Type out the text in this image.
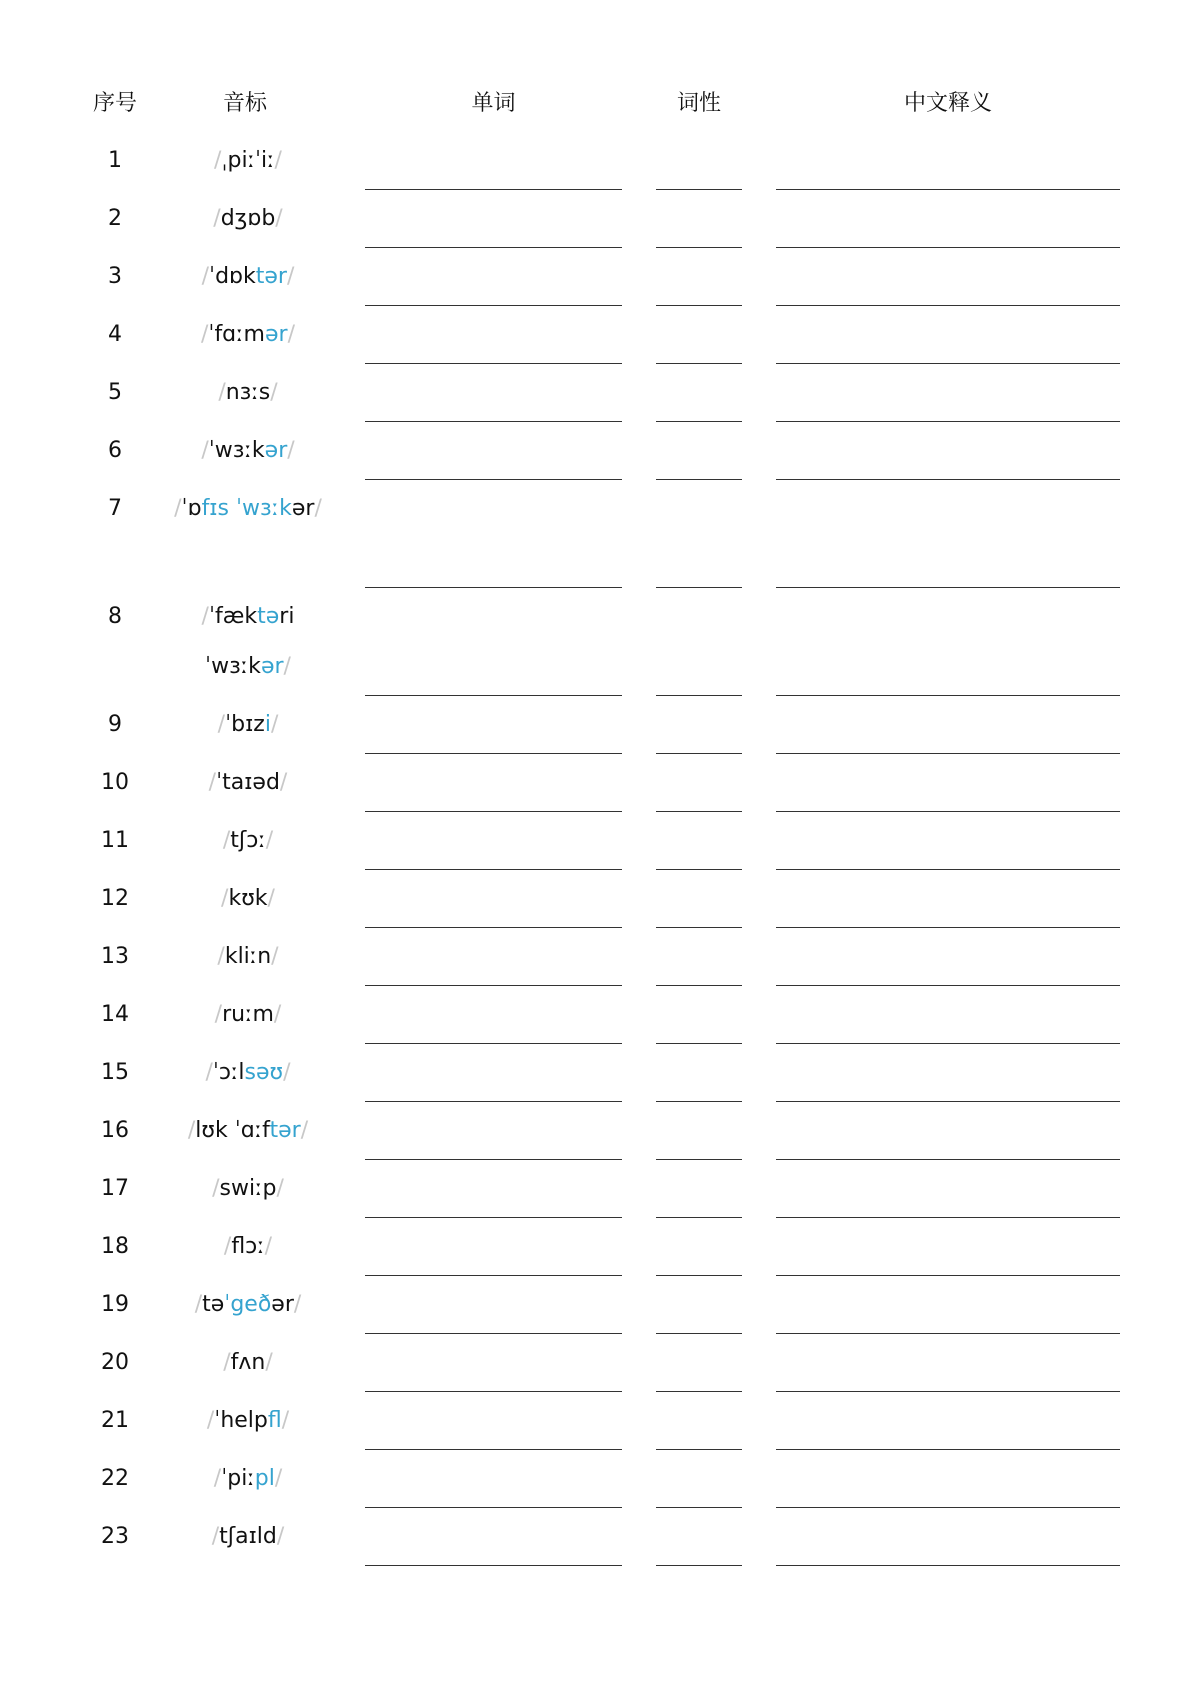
序号	音标	单词	词性	中文释义
1	/ˌpiːˈiː/
2	/dʒɒb/
3	/ˈdɒktər/
4	/ˈfɑːmər/
5	/nɜːs/
6	/ˈwɜːkər/
7	/ˈɒfɪs ˈwɜːkər/
8	/ˈfæktəri ˈwɜːkər/
9	/ˈbɪzi/
10	/ˈtaɪəd/
11	/tʃɔː/
12	/kʊk/
13	/kliːn/
14	/ruːm/
15	/ˈɔːlsəʊ/
16	/lʊk ˈɑːftər/
17	/swiːp/
18	/flɔː/
19	/təˈgeðər/
20	/fʌn/
21	/ˈhelpfl/
22	/ˈpiːpl/
23	/tʃaɪld/
